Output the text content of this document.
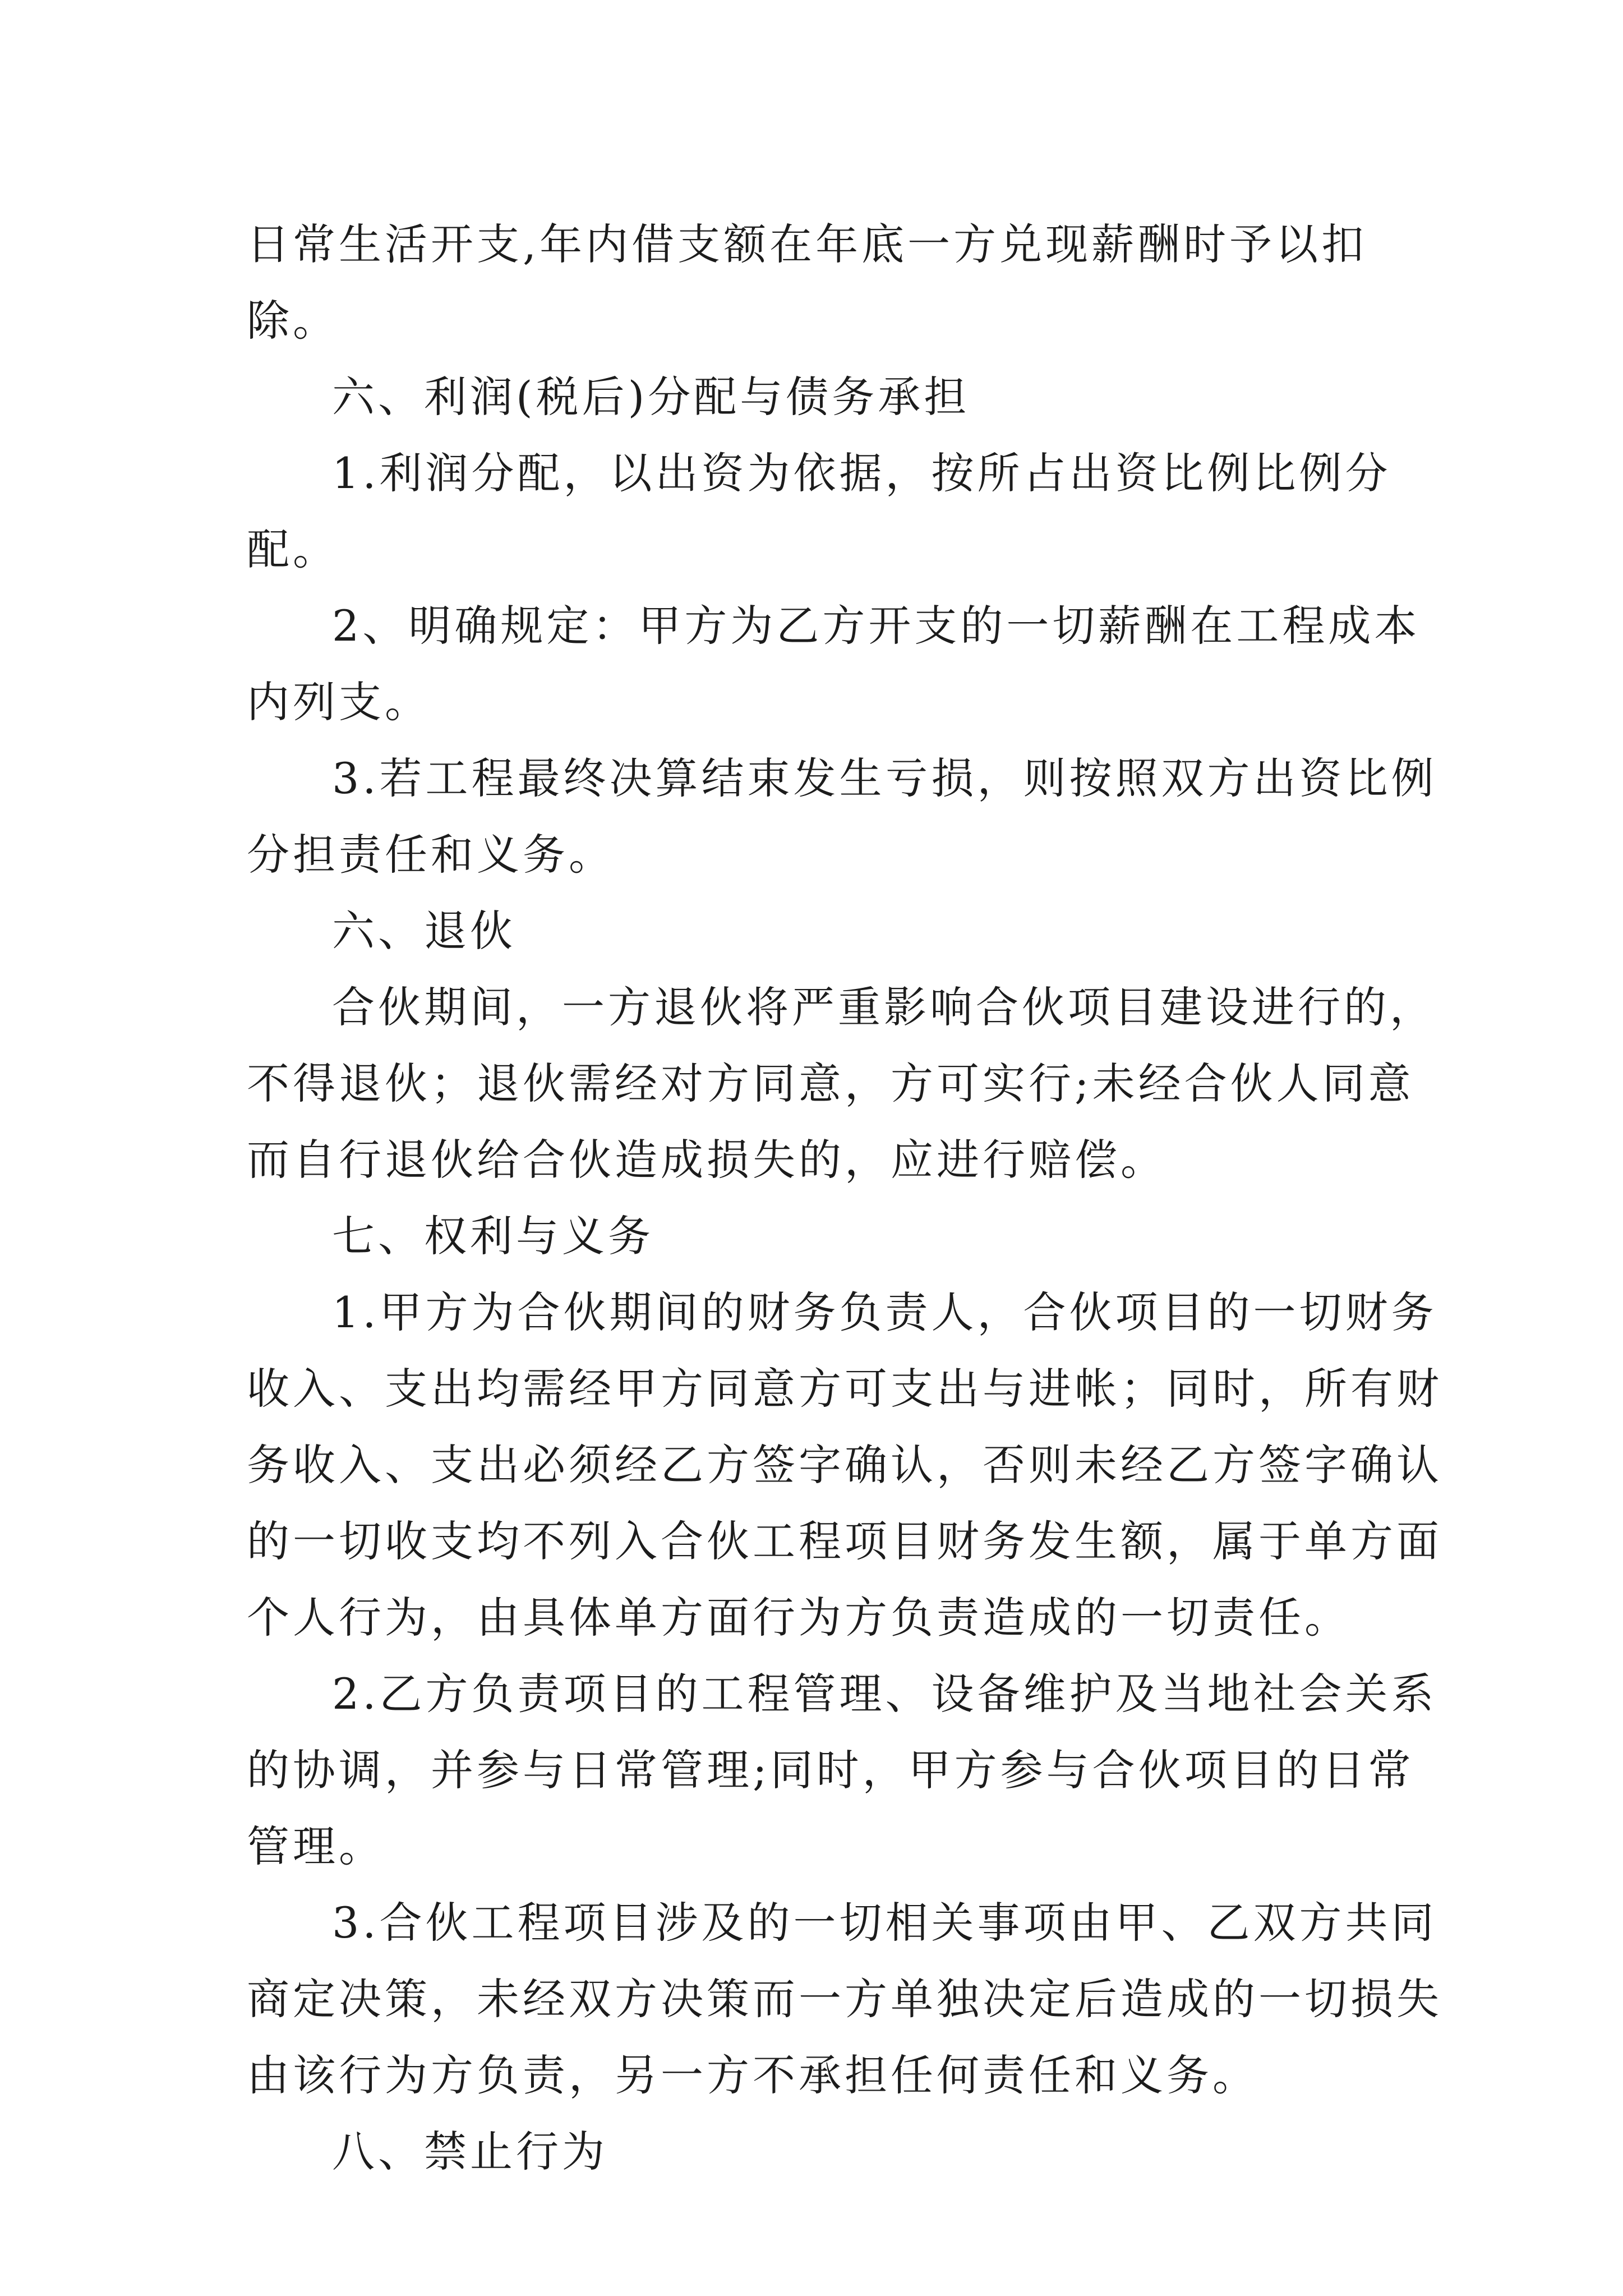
日常生活开支,年内借支额在年底一方兑现薪酬时予以扣除。

六、利润(税后)分配与债务承担

1.利润分配，以出资为依据，按所占出资比例比例分配。

2、明确规定：甲方为乙方开支的一切薪酬在工程成本内列支。

3.若工程最终决算结束发生亏损，则按照双方出资比例分担责任和义务。

六、退伙

合伙期间，一方退伙将严重影响合伙项目建设进行的，不得退伙；退伙需经对方同意，方可实行;未经合伙人同意而自行退伙给合伙造成损失的，应进行赔偿。

七、权利与义务

1.甲方为合伙期间的财务负责人，合伙项目的一切财务收入、支出均需经甲方同意方可支出与进帐；同时，所有财务收入、支出必须经乙方签字确认，否则未经乙方签字确认的一切收支均不列入合伙工程项目财务发生额，属于单方面个人行为，由具体单方面行为方负责造成的一切责任。

2.乙方负责项目的工程管理、设备维护及当地社会关系的协调，并参与日常管理;同时，甲方参与合伙项目的日常管理。

3.合伙工程项目涉及的一切相关事项由甲、乙双方共同商定决策，未经双方决策而一方单独决定后造成的一切损失由该行为方负责，另一方不承担任何责任和义务。

八、禁止行为
